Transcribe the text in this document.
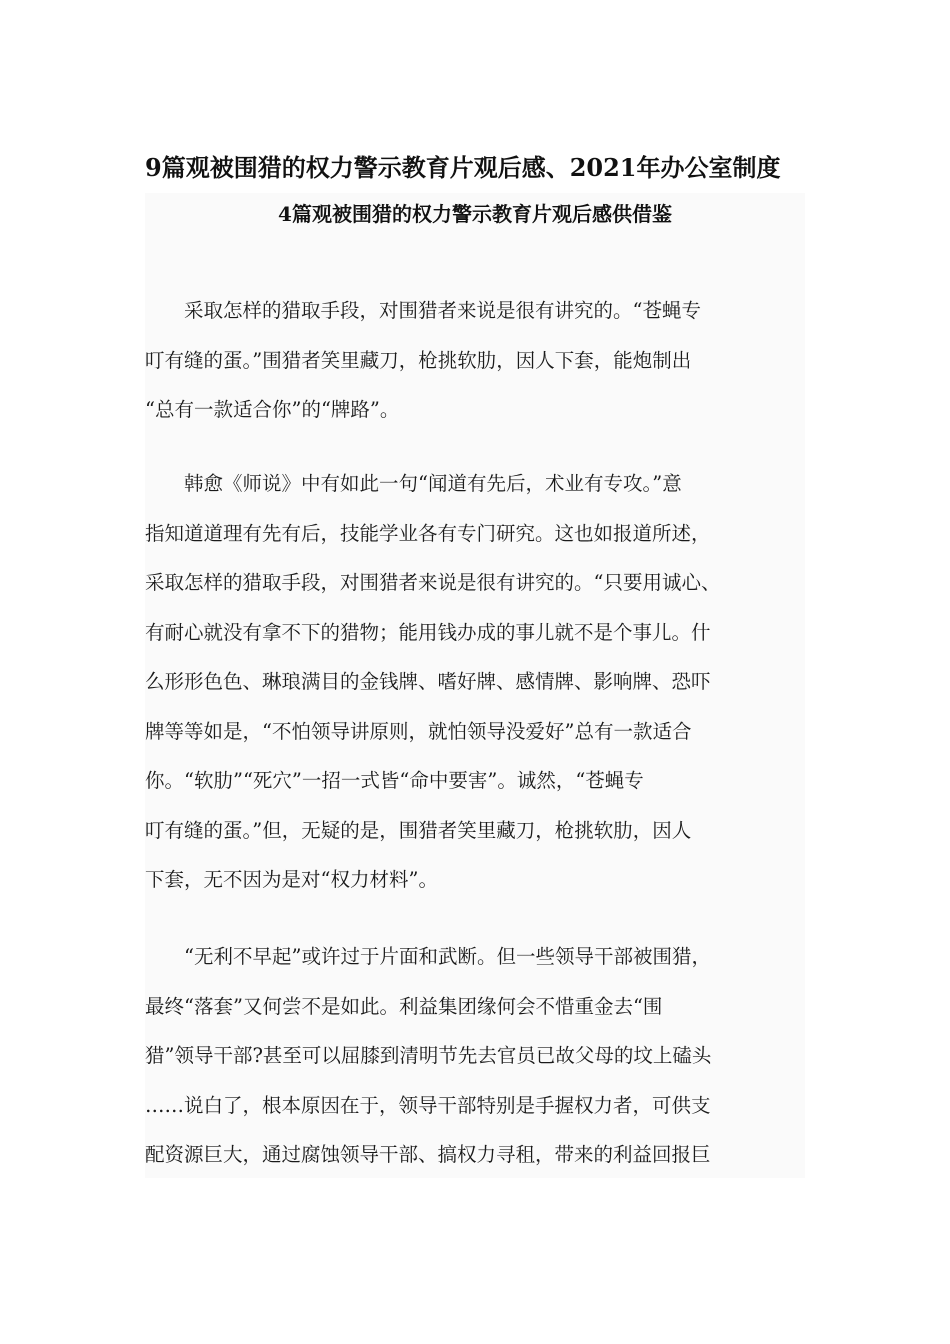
9篇观被围猎的权力警示教育片观后感、2021年办公室制度
4篇观被围猎的权力警示教育片观后感供借鉴
　　采取怎样的猎取手段，对围猎者来说是很有讲究的。“苍蝇专
叮有缝的蛋。”围猎者笑里藏刀，枪挑软肋，因人下套，能炮制出
“总有一款适合你”的“牌路”。
　　韩愈《师说》中有如此一句“闻道有先后，术业有专攻。”意
指知道道理有先有后，技能学业各有专门研究。这也如报道所述，
采取怎样的猎取手段，对围猎者来说是很有讲究的。“只要用诚心、
有耐心就没有拿不下的猎物；能用钱办成的事儿就不是个事儿。什
么形形色色、琳琅满目的金钱牌、嗜好牌、感情牌、影响牌、恐吓
牌等等如是，“不怕领导讲原则，就怕领导没爱好”总有一款适合
你。“软肋”“死穴”一招一式皆“命中要害”。诚然，“苍蝇专
叮有缝的蛋。”但，无疑的是，围猎者笑里藏刀，枪挑软肋，因人
下套，无不因为是对“权力材料”。
　　“无利不早起”或许过于片面和武断。但一些领导干部被围猎，
最终“落套”又何尝不是如此。利益集团缘何会不惜重金去“围
猎”领导干部?甚至可以屈膝到清明节先去官员已故父母的坟上磕头
……说白了，根本原因在于，领导干部特别是手握权力者，可供支
配资源巨大，通过腐蚀领导干部、搞权力寻租，带来的利益回报巨
